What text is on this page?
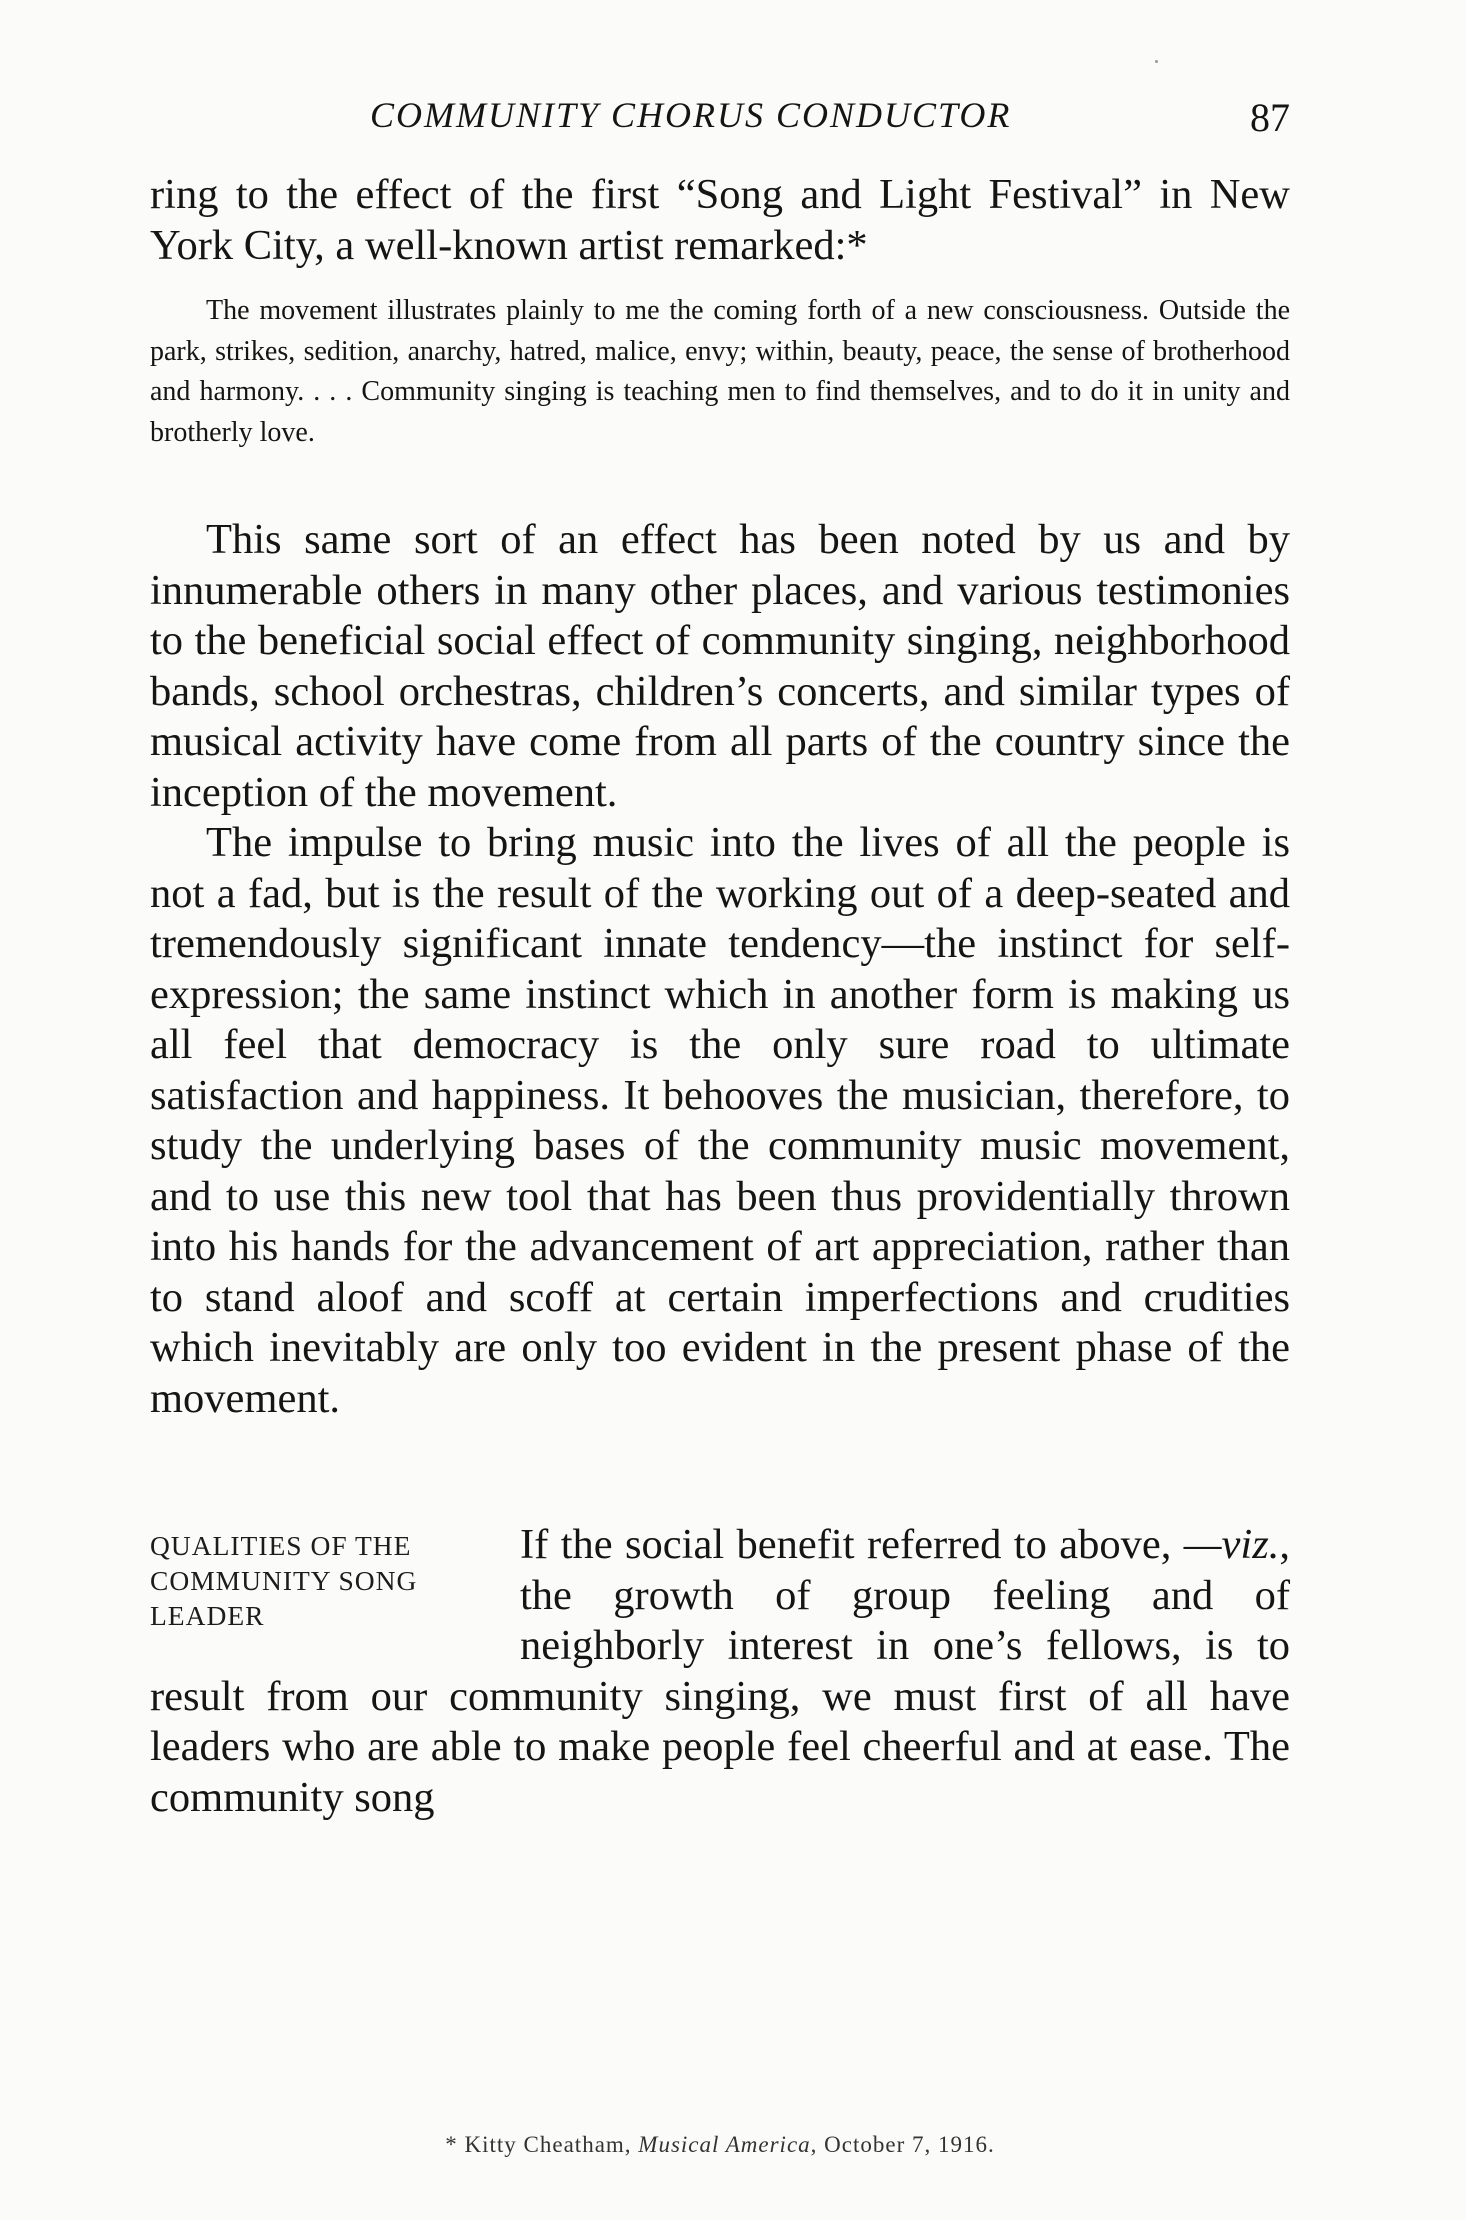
COMMUNITY CHORUS CONDUCTOR	87

ring to the effect of the first “Song and Light Festival” in New York City, a well-known artist remarked:*

The movement illustrates plainly to me the coming forth of a new consciousness. Outside the park, strikes, sedition, anarchy, hatred, malice, envy; within, beauty, peace, the sense of brotherhood and harmony. . . . Community singing is teaching men to find themselves, and to do it in unity and brotherly love.

This same sort of an effect has been noted by us and by innumerable others in many other places, and various testimonies to the beneficial social effect of community singing, neighborhood bands, school orchestras, children’s concerts, and similar types of musical activity have come from all parts of the country since the inception of the movement.

The impulse to bring music into the lives of all the people is not a fad, but is the result of the working out of a deep-seated and tremendously significant innate tendency—the instinct for self-expression; the same instinct which in another form is making us all feel that democracy is the only sure road to ultimate satisfaction and happiness. It behooves the musician, therefore, to study the underlying bases of the community music movement, and to use this new tool that has been thus providentially thrown into his hands for the advancement of art appreciation, rather than to stand aloof and scoff at certain imperfections and crudities which inevitably are only too evident in the present phase of the movement.

QUALITIES OF THE
COMMUNITY SONG
LEADER

If the social benefit referred to above, —viz., the growth of group feeling and of neighborly interest in one’s fellows, is to result from our community singing, we must first of all have leaders who are able to make people feel cheerful and at ease. The community song

* Kitty Cheatham, Musical America, October 7, 1916.
